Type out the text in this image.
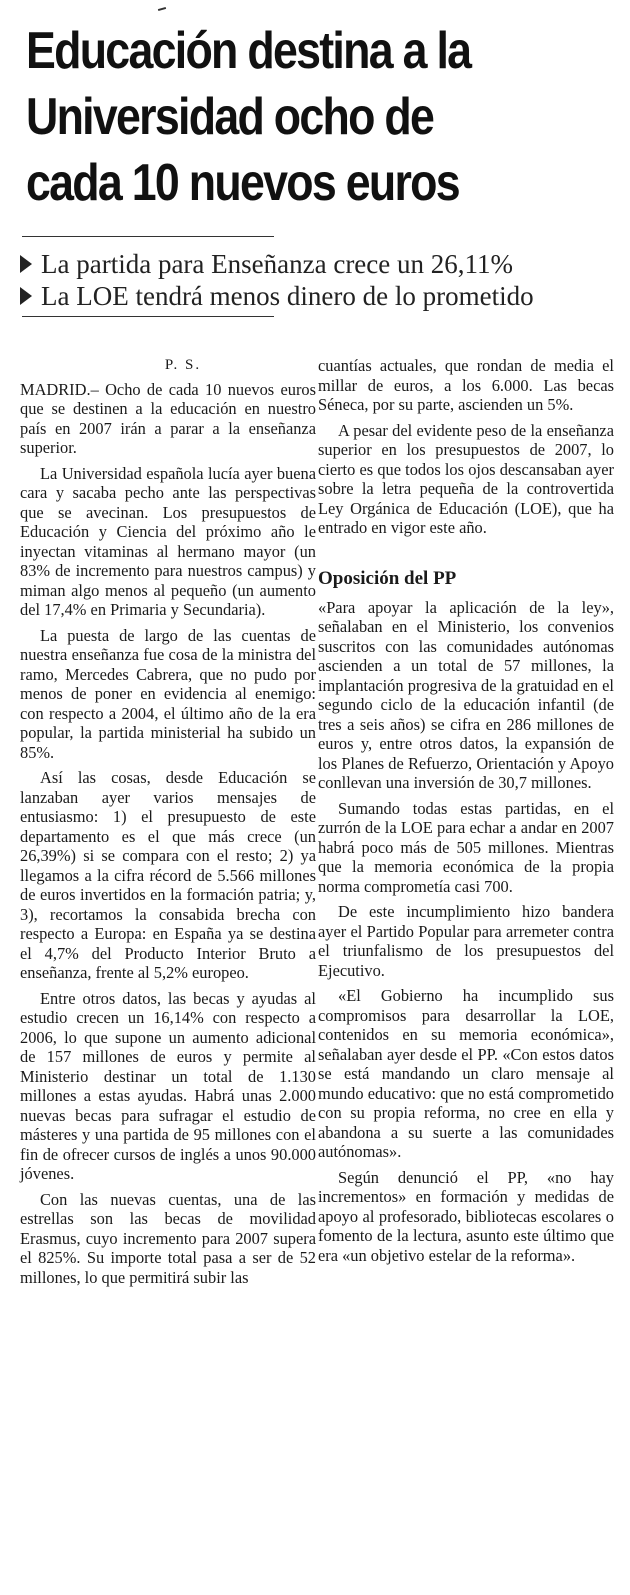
Educación destina a la
Universidad ocho de
cada 10 nuevos euros
La partida para Enseñanza crece un 26,11%
La LOE tendrá menos dinero de lo prometido
P. S.

MADRID.– Ocho de cada 10 nuevos euros que se destinen a la educación en nuestro país en 2007 irán a parar a la enseñanza superior.

La Universidad española lucía ayer buena cara y sacaba pecho ante las perspectivas que se avecinan. Los presupuestos de Educación y Ciencia del próximo año le inyectan vitaminas al hermano mayor (un 83% de incremento para nuestros campus) y miman algo menos al pequeño (un aumento del 17,4% en Primaria y Secundaria).

La puesta de largo de las cuentas de nuestra enseñanza fue cosa de la ministra del ramo, Mercedes Cabrera, que no pudo por menos de poner en evidencia al enemigo: con respecto a 2004, el último año de la era popular, la partida ministerial ha subido un 85%.

Así las cosas, desde Educación se lanzaban ayer varios mensajes de entusiasmo: 1) el presupuesto de este departamento es el que más crece (un 26,39%) si se compara con el resto; 2) ya llegamos a la cifra récord de 5.566 millones de euros invertidos en la formación patria; y, 3), recortamos la consabida brecha con respecto a Europa: en España ya se destina el 4,7% del Producto Interior Bruto a enseñanza, frente al 5,2% europeo.

Entre otros datos, las becas y ayudas al estudio crecen un 16,14% con respecto a 2006, lo que supone un aumento adicional de 157 millones de euros y permite al Ministerio destinar un total de 1.130 millones a estas ayudas. Habrá unas 2.000 nuevas becas para sufragar el estudio de másteres y una partida de 95 millones con el fin de ofrecer cursos de inglés a unos 90.000 jóvenes.

Con las nuevas cuentas, una de las estrellas son las becas de movilidad Erasmus, cuyo incremento para 2007 supera el 825%. Su importe total pasa a ser de 52 millones, lo que permitirá subir las

cuantías actuales, que rondan de media el millar de euros, a los 6.000. Las becas Séneca, por su parte, ascienden un 5%.

A pesar del evidente peso de la enseñanza superior en los presupuestos de 2007, lo cierto es que todos los ojos descansaban ayer sobre la letra pequeña de la controvertida Ley Orgánica de Educación (LOE), que ha entrado en vigor este año.

Oposición del PP

«Para apoyar la aplicación de la ley», señalaban en el Ministerio, los convenios suscritos con las comunidades autónomas ascienden a un total de 57 millones, la implantación progresiva de la gratuidad en el segundo ciclo de la educación infantil (de tres a seis años) se cifra en 286 millones de euros y, entre otros datos, la expansión de los Planes de Refuerzo, Orientación y Apoyo conllevan una inversión de 30,7 millones.

Sumando todas estas partidas, en el zurrón de la LOE para echar a andar en 2007 habrá poco más de 505 millones. Mientras que la memoria económica de la propia norma comprometía casi 700.

De este incumplimiento hizo bandera ayer el Partido Popular para arremeter contra el triunfalismo de los presupuestos del Ejecutivo.

«El Gobierno ha incumplido sus compromisos para desarrollar la LOE, contenidos en su memoria económica», señalaban ayer desde el PP. «Con estos datos se está mandando un claro mensaje al mundo educativo: que no está comprometido con su propia reforma, no cree en ella y abandona a su suerte a las comunidades autónomas».

Según denunció el PP, «no hay incrementos» en formación y medidas de apoyo al profesorado, bibliotecas escolares o fomento de la lectura, asunto este último que era «un objetivo estelar de la reforma».
